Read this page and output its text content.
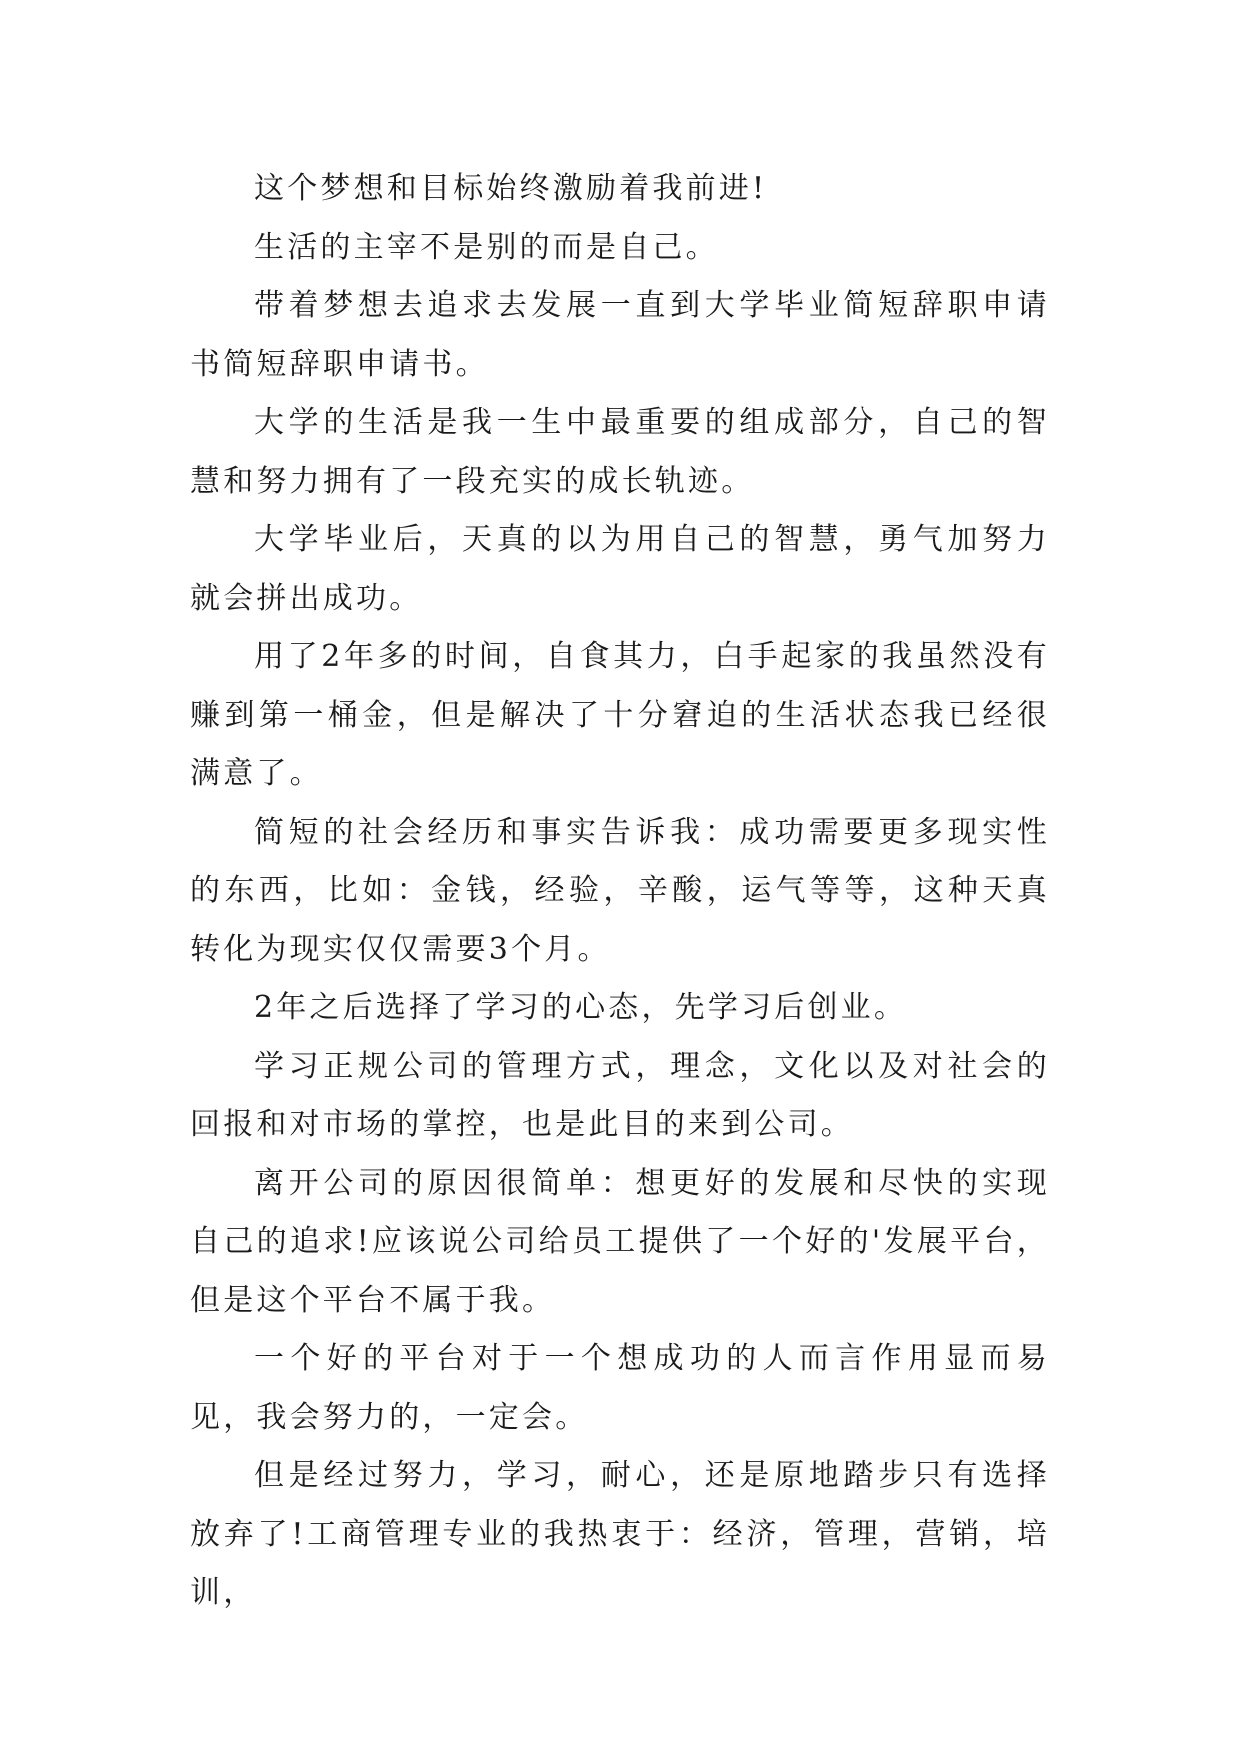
这个梦想和目标始终激励着我前进!

生活的主宰不是别的而是自己。

带着梦想去追求去发展一直到大学毕业简短辞职申请书简短辞职申请书。

大学的生活是我一生中最重要的组成部分，自己的智慧和努力拥有了一段充实的成长轨迹。

大学毕业后，天真的以为用自己的智慧，勇气加努力就会拼出成功。

用了2年多的时间，自食其力，白手起家的我虽然没有赚到第一桶金，但是解决了十分窘迫的生活状态我已经很满意了。

简短的社会经历和事实告诉我：成功需要更多现实性的东西，比如：金钱，经验，辛酸，运气等等，这种天真转化为现实仅仅需要3个月。

2年之后选择了学习的心态，先学习后创业。

学习正规公司的管理方式，理念，文化以及对社会的回报和对市场的掌控，也是此目的来到公司。

离开公司的原因很简单：想更好的发展和尽快的实现自己的追求!应该说公司给员工提供了一个好的'发展平台，但是这个平台不属于我。

一个好的平台对于一个想成功的人而言作用显而易见，我会努力的，一定会。

但是经过努力，学习，耐心，还是原地踏步只有选择放弃了!工商管理专业的我热衷于：经济，管理，营销，培训，
